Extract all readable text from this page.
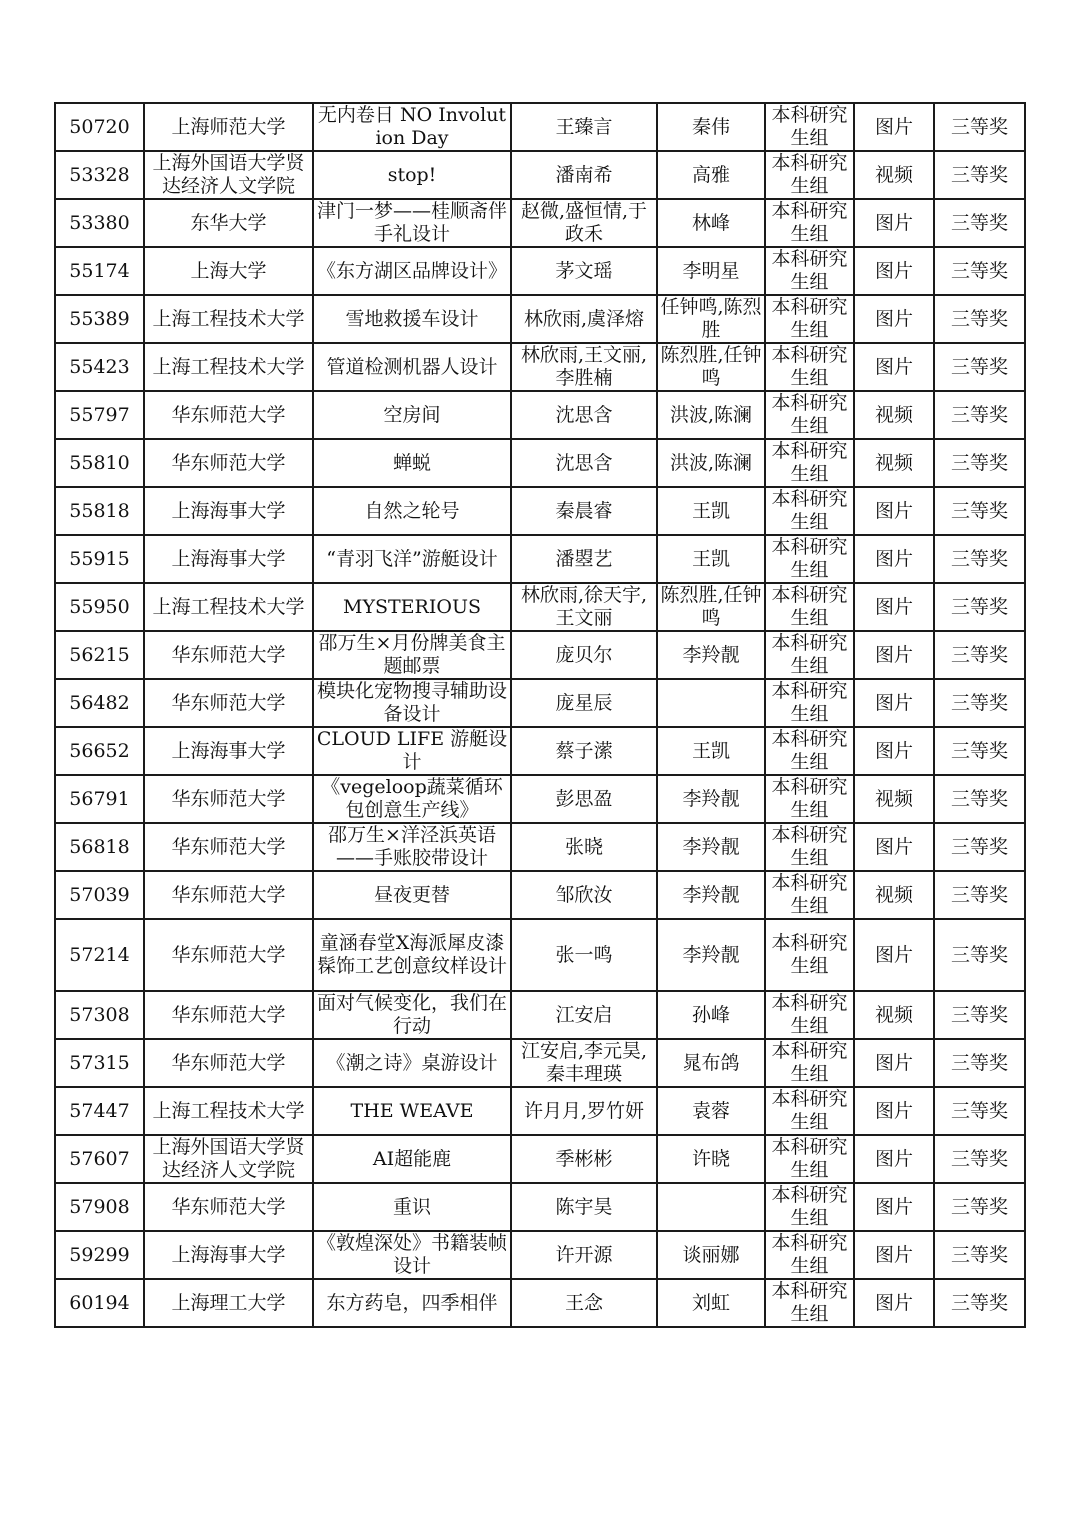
50720	上海师范大学	无内卷日 NO Involution Day	王臻言	秦伟	本科研究生组	图片	三等奖
53328	上海外国语大学贤达经济人文学院	stop!	潘南希	高雅	本科研究生组	视频	三等奖
53380	东华大学	津门一梦——桂顺斋伴手礼设计	赵微,盛恒情,于政禾	林峰	本科研究生组	图片	三等奖
55174	上海大学	《东方湖区品牌设计》	茅文瑶	李明星	本科研究生组	图片	三等奖
55389	上海工程技术大学	雪地救援车设计	林欣雨,虞泽熔	任钟鸣,陈烈胜	本科研究生组	图片	三等奖
55423	上海工程技术大学	管道检测机器人设计	林欣雨,王文丽,李胜楠	陈烈胜,任钟鸣	本科研究生组	图片	三等奖
55797	华东师范大学	空房间	沈思含	洪波,陈澜	本科研究生组	视频	三等奖
55810	华东师范大学	蝉蜕	沈思含	洪波,陈澜	本科研究生组	视频	三等奖
55818	上海海事大学	自然之轮号	秦晨睿	王凯	本科研究生组	图片	三等奖
55915	上海海事大学	“青羽飞洋”游艇设计	潘曌艺	王凯	本科研究生组	图片	三等奖
55950	上海工程技术大学	MYSTERIOUS	林欣雨,徐天宇,王文丽	陈烈胜,任钟鸣	本科研究生组	图片	三等奖
56215	华东师范大学	邵万生×月份牌美食主题邮票	庞贝尔	李羚靓	本科研究生组	图片	三等奖
56482	华东师范大学	模块化宠物搜寻辅助设备设计	庞星辰		本科研究生组	图片	三等奖
56652	上海海事大学	CLOUD LIFE 游艇设计	蔡子潆	王凯	本科研究生组	图片	三等奖
56791	华东师范大学	《vegeloop蔬菜循环包创意生产线》	彭思盈	李羚靓	本科研究生组	视频	三等奖
56818	华东师范大学	邵万生×洋泾浜英语——手账胶带设计	张晓	李羚靓	本科研究生组	图片	三等奖
57039	华东师范大学	昼夜更替	邹欣汝	李羚靓	本科研究生组	视频	三等奖
57214	华东师范大学	童涵春堂X海派犀皮漆髹饰工艺创意纹样设计	张一鸣	李羚靓	本科研究生组	图片	三等奖
57308	华东师范大学	面对气候变化，我们在行动	江安启	孙峰	本科研究生组	视频	三等奖
57315	华东师范大学	《潮之诗》桌游设计	江安启,李元昊,秦丰理瑛	晁布鸽	本科研究生组	图片	三等奖
57447	上海工程技术大学	THE WEAVE	许月月,罗竹妍	袁蓉	本科研究生组	图片	三等奖
57607	上海外国语大学贤达经济人文学院	AI超能鹿	季彬彬	许晓	本科研究生组	图片	三等奖
57908	华东师范大学	重识	陈宇昊		本科研究生组	图片	三等奖
59299	上海海事大学	《敦煌深处》书籍装帧设计	许开源	谈丽娜	本科研究生组	图片	三等奖
60194	上海理工大学	东方药皂，四季相伴	王念	刘虹	本科研究生组	图片	三等奖
